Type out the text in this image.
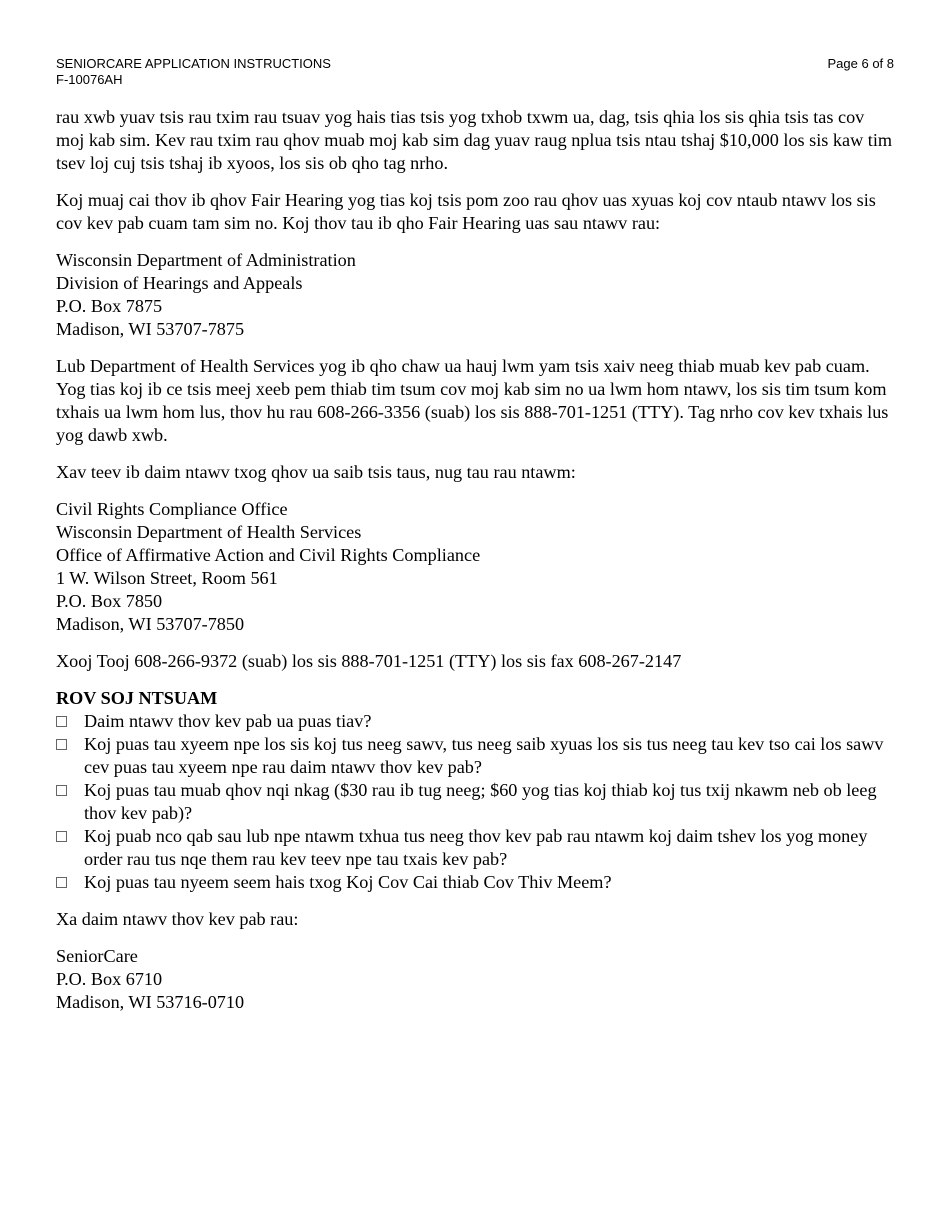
SENIORCARE APPLICATION INSTRUCTIONS
F-10076AH
Page 6 of 8

rau xwb yuav tsis rau txim rau tsuav yog hais tias tsis yog txhob txwm ua, dag, tsis qhia los sis qhia tsis tas cov moj kab sim. Kev rau txim rau qhov muab moj kab sim dag yuav raug nplua tsis ntau tshaj $10,000 los sis kaw tim tsev loj cuj tsis tshaj ib xyoos, los sis ob qho tag nrho.

Koj muaj cai thov ib qhov Fair Hearing yog tias koj tsis pom zoo rau qhov uas xyuas koj cov ntaub ntawv los sis cov kev pab cuam tam sim no. Koj thov tau ib qho Fair Hearing uas sau ntawv rau:

Wisconsin Department of Administration
Division of Hearings and Appeals
P.O. Box 7875
Madison, WI 53707-7875

Lub Department of Health Services yog ib qho chaw ua hauj lwm yam tsis xaiv neeg thiab muab kev pab cuam. Yog tias koj ib ce tsis meej xeeb pem thiab tim tsum cov moj kab sim no ua lwm hom ntawv, los sis tim tsum kom txhais ua lwm hom lus, thov hu rau 608-266-3356 (suab) los sis 888-701-1251 (TTY). Tag nrho cov kev txhais lus yog dawb xwb.

Xav teev ib daim ntawv txog qhov ua saib tsis taus, nug tau rau ntawm:

Civil Rights Compliance Office
Wisconsin Department of Health Services
Office of Affirmative Action and Civil Rights Compliance
1 W. Wilson Street, Room 561
P.O. Box 7850
Madison, WI 53707-7850

Xooj Tooj 608-266-9372 (suab) los sis 888-701-1251 (TTY) los sis fax 608-267-2147

ROV SOJ NTSUAM
Daim ntawv thov kev pab ua puas tiav?
Koj puas tau xyeem npe los sis koj tus neeg sawv, tus neeg saib xyuas los sis tus neeg tau kev tso cai los sawv cev puas tau xyeem npe rau daim ntawv thov kev pab?
Koj puas tau muab qhov nqi nkag ($30 rau ib tug neeg; $60 yog tias koj thiab koj tus txij nkawm neb ob leeg thov kev pab)?
Koj puab nco qab sau lub npe ntawm txhua tus neeg thov kev pab rau ntawm koj daim tshev los yog money order rau tus nqe them rau kev teev npe tau txais kev pab?
Koj puas tau nyeem seem hais txog Koj Cov Cai thiab Cov Thiv Meem?

Xa daim ntawv thov kev pab rau:

SeniorCare
P.O. Box 6710
Madison, WI 53716-0710
